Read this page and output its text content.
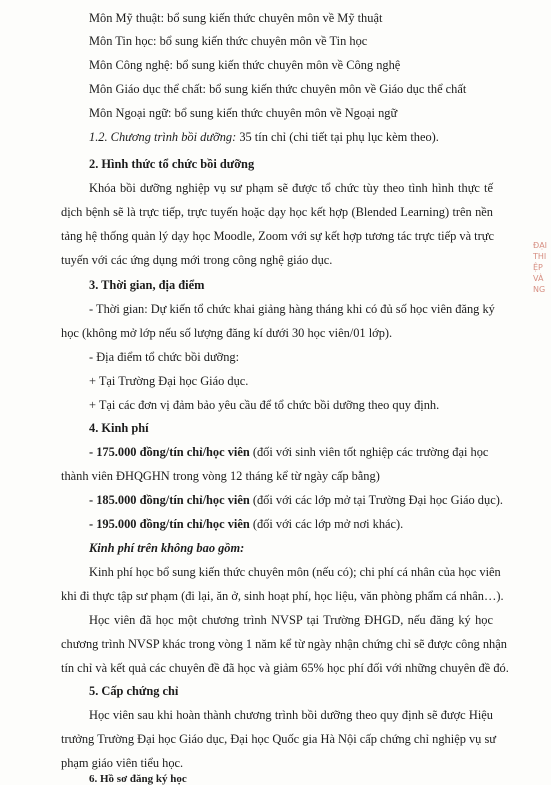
Môn Mỹ thuật: bổ sung kiến thức chuyên môn về Mỹ thuật
Môn Tin học: bổ sung kiến thức chuyên môn về Tin học
Môn Công nghệ: bổ sung kiến thức chuyên môn về Công nghệ
Môn Giáo dục thể chất: bổ sung kiến thức chuyên môn về Giáo dục thể chất
Môn Ngoại ngữ: bổ sung kiến thức chuyên môn về Ngoại ngữ
1.2. Chương trình bồi dưỡng: 35 tín chỉ (chi tiết tại phụ lục kèm theo).
2. Hình thức tổ chức bồi dưỡng
Khóa bồi dưỡng nghiệp vụ sư phạm sẽ được tổ chức tùy theo tình hình thực tế
dịch bệnh sẽ là trực tiếp, trực tuyến hoặc dạy học kết hợp (Blended Learning) trên nền
tảng hệ thống quản lý dạy học Moodle, Zoom với sự kết hợp tương tác trực tiếp và trực
tuyến với các ứng dụng mới trong công nghệ giáo dục.
3. Thời gian, địa điểm
- Thời gian: Dự kiến tổ chức khai giảng hàng tháng khi có đủ số học viên đăng ký
học (không mở lớp nếu số lượng đăng kí dưới 30 học viên/01 lớp).
- Địa điểm tổ chức bồi dưỡng:
+ Tại Trường Đại học Giáo dục.
+ Tại các đơn vị đảm bảo yêu cầu để tổ chức bồi dưỡng theo quy định.
4. Kinh phí
- 175.000 đồng/tín chỉ/học viên (đối với sinh viên tốt nghiệp các trường đại học
thành viên ĐHQGHN trong vòng 12 tháng kể từ ngày cấp bằng)
- 185.000 đồng/tín chỉ/học viên (đối với các lớp mở tại Trường Đại học Giáo dục).
- 195.000 đồng/tín chỉ/học viên (đối với các lớp mở nơi khác).
Kinh phí trên không bao gồm:
Kinh phí học bổ sung kiến thức chuyên môn (nếu có); chi phí cá nhân của học viên
khi đi thực tập sư phạm (đi lại, ăn ở, sinh hoạt phí, học liệu, văn phòng phẩm cá nhân…).
Học viên đã học một chương trình NVSP tại Trường ĐHGD, nếu đăng ký học
chương trình NVSP khác trong vòng 1 năm kể từ ngày nhận chứng chỉ sẽ được công nhận
tín chỉ và kết quả các chuyên đề đã học và giảm 65% học phí đối với những chuyên đề đó.
5. Cấp chứng chỉ
Học viên sau khi hoàn thành chương trình bồi dưỡng theo quy định sẽ được Hiệu
trưởng Trường Đại học Giáo dục, Đại học Quốc gia Hà Nội cấp chứng chỉ nghiệp vụ sư
phạm giáo viên tiểu học.
6. Hồ sơ đăng ký học
ĐẠI
THI
ỆP
VÀ
NG
